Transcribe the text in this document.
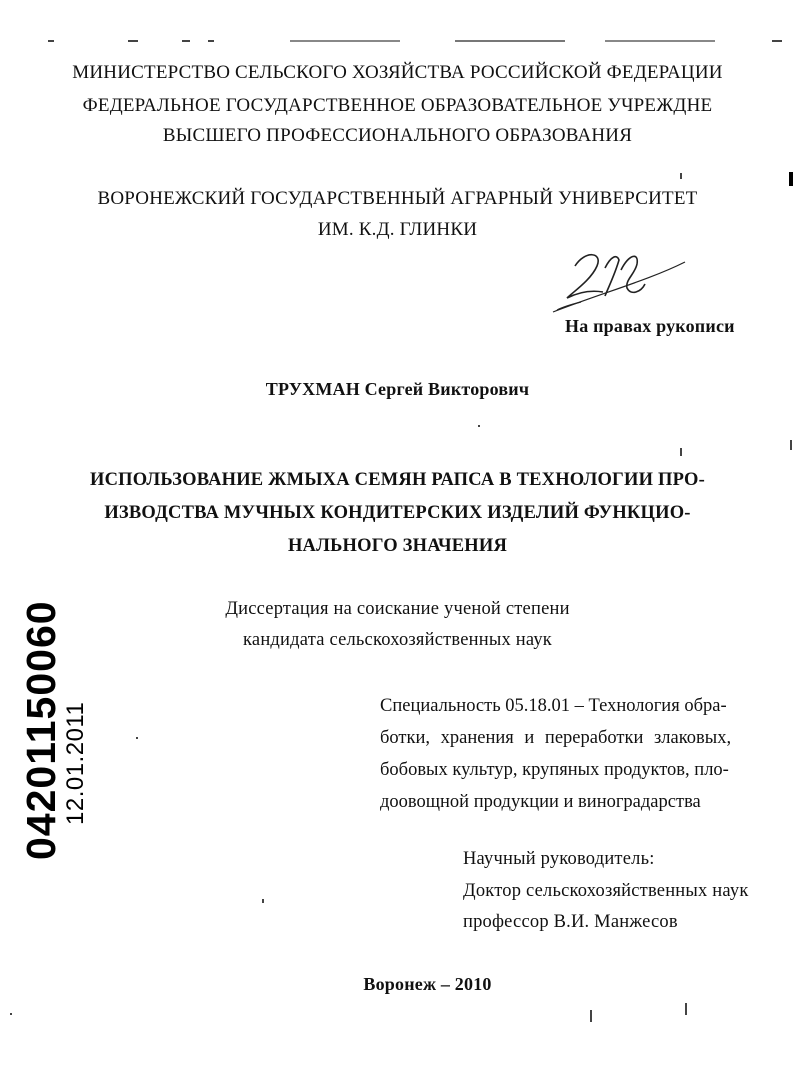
МИНИСТЕРСТВО СЕЛЬСКОГО ХОЗЯЙСТВА РОССИЙСКОЙ ФЕДЕРАЦИИ
ФЕДЕРАЛЬНОЕ ГОСУДАРСТВЕННОЕ ОБРАЗОВАТЕЛЬНОЕ УЧРЕЖДНЕ
ВЫСШЕГО ПРОФЕССИОНАЛЬНОГО ОБРАЗОВАНИЯ
ВОРОНЕЖСКИЙ ГОСУДАРСТВЕННЫЙ АГРАРНЫЙ УНИВЕРСИТЕТ
ИМ. К.Д. ГЛИНКИ
На правах рукописи
ТРУХМАН Сергей Викторович
ИСПОЛЬЗОВАНИЕ ЖМЫХА СЕМЯН РАПСА В ТЕХНОЛОГИИ ПРО-
ИЗВОДСТВА МУЧНЫХ КОНДИТЕРСКИХ ИЗДЕЛИЙ ФУНКЦИО-
НАЛЬНОГО ЗНАЧЕНИЯ
Диссертация на соискание ученой степени
кандидата сельскохозяйственных наук
Специальность 05.18.01 – Технология обра-
ботки, хранения и переработки злаковых,
бобовых культур, крупяных продуктов, пло-
доовощной продукции и виноградарства
Научный руководитель:
Доктор сельскохозяйственных наук
профессор В.И. Манжесов
Воронеж – 2010
04201150060
12.01.2011
